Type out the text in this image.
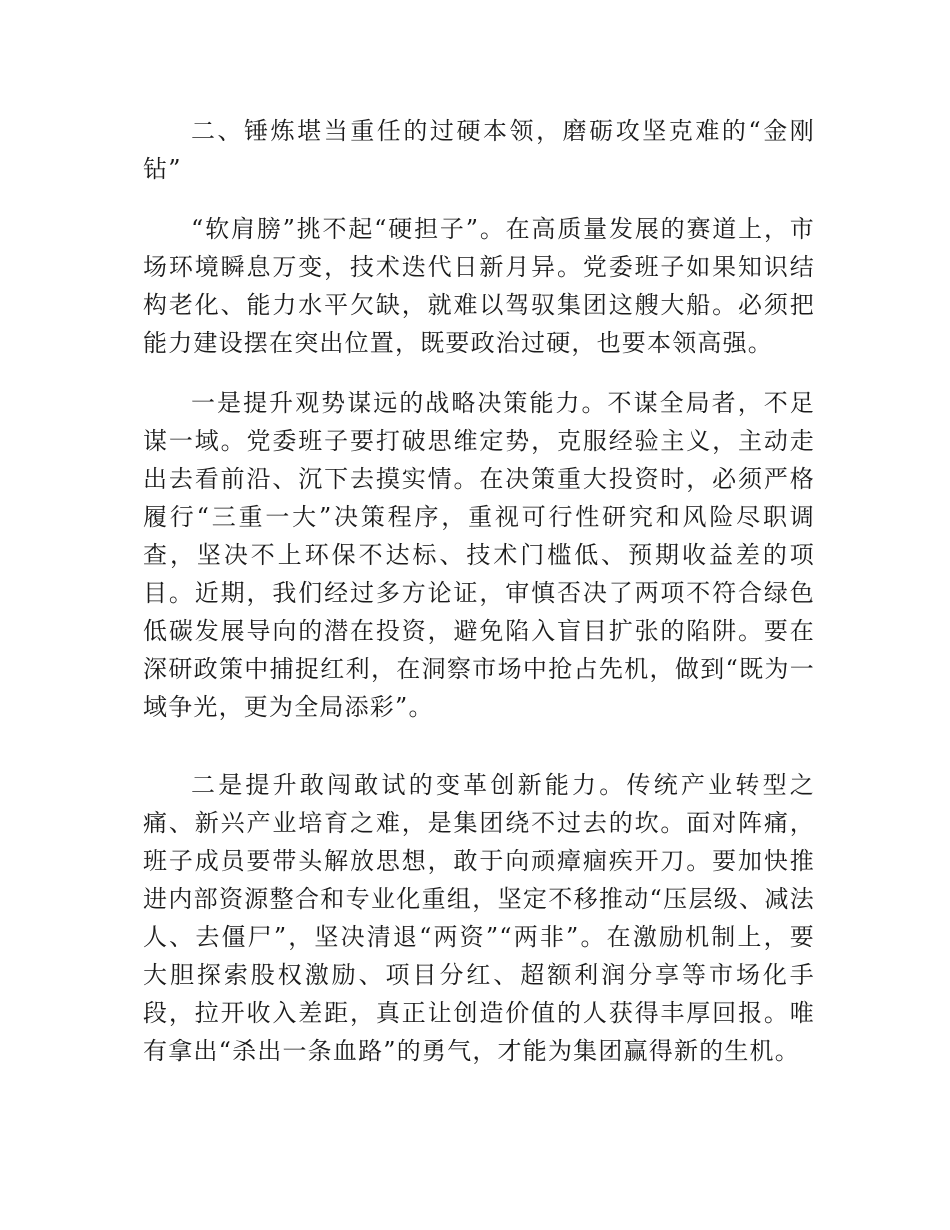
二、锤炼堪当重任的过硬本领，磨砺攻坚克难的“金刚钻”

“软肩膀”挑不起“硬担子”。在高质量发展的赛道上，市场环境瞬息万变，技术迭代日新月异。党委班子如果知识结构老化、能力水平欠缺，就难以驾驭集团这艘大船。必须把能力建设摆在突出位置，既要政治过硬，也要本领高强。

一是提升观势谋远的战略决策能力。不谋全局者，不足谋一域。党委班子要打破思维定势，克服经验主义，主动走出去看前沿、沉下去摸实情。在决策重大投资时，必须严格履行“三重一大”决策程序，重视可行性研究和风险尽职调查，坚决不上环保不达标、技术门槛低、预期收益差的项目。近期，我们经过多方论证，审慎否决了两项不符合绿色低碳发展导向的潜在投资，避免陷入盲目扩张的陷阱。要在深研政策中捕捉红利，在洞察市场中抢占先机，做到“既为一域争光，更为全局添彩”。

二是提升敢闯敢试的变革创新能力。传统产业转型之痛、新兴产业培育之难，是集团绕不过去的坎。面对阵痛，班子成员要带头解放思想，敢于向顽瘴痼疾开刀。要加快推进内部资源整合和专业化重组，坚定不移推动“压层级、减法人、去僵尸”，坚决清退“两资”“两非”。在激励机制上，要大胆探索股权激励、项目分红、超额利润分享等市场化手段，拉开收入差距，真正让创造价值的人获得丰厚回报。唯有拿出“杀出一条血路”的勇气，才能为集团赢得新的生机。
